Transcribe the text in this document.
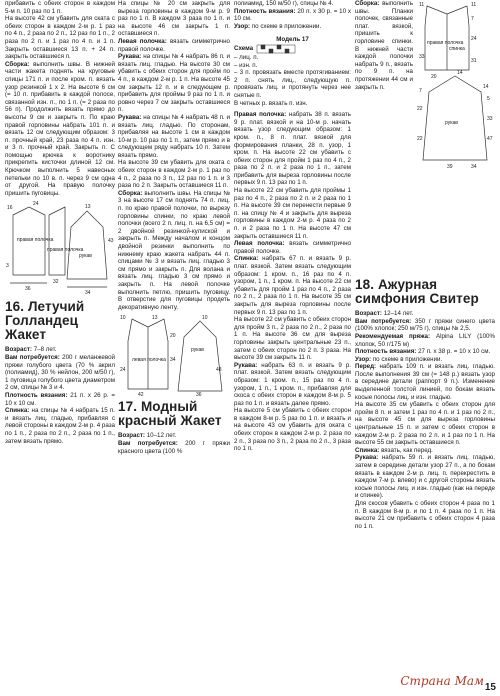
прибавить с обеих сторон в каждом 5-м п. 10 раз по 1 п.

На высоте 42 см убавить для ската с обеих сторон в каждом 2-м р. 1 раз по 4 п., 2 раза по 2 п., 12 раз по 1 п., 2 раза по 2 п. и 1 раз по 4 п. и 1 п. Закрыть оставшиеся 13 п. + 24 п. закрыть оставшиеся п.

Сборка: выполнить швы. В нижней части жакета поднять на круговые спицы 171 п. и после кром. п. вязать узор резинкой 1 х 2. На высоте 6 см (= 10 п. прибавить в каждой полосе, связанной изн. п., по 1 п. (= 2 раза по 56 п). Продолжить вязать прямо до высоты 9 см и закрыть п. По краю правой горловины набрать 101 п. и вязать 12 см следующим образом: 3 п. прочный край, 23 раза по 4 п. изн. и 3 п. прочный край. Закрыть п. С помощью крючка к воротнику прикрепить кисточки длиной 12 см. Крючком выполнить 5 навесных петельки по 10 в. п. через 9 см одна от другой. На правую полочку пришить пуговицы.

правая полочка
правая полочка
рукав
16
24
3
36
34
13
43
32
16. Летучий Голландец Жакет

Возраст: 7–8 лет.

Вам потребуется: 200 г меланжевой пряжи голубого цвета (70 % акрил (полиамид), 30 % нейлон, 200 м/50 г), 1 пуговица голубого цвета диаметром 2 см, спицы № 3 и 4.

Плотность вязания: 21 п. х 26 р. = 10 х 10 см.

Спинка: на спицы № 4 набрать 15 п. и вязать лиц. гладью, прибавляя с левой стороны в каждом 2-м р. 4 раза по 1 п., 2 раза по 2 п., 2 раза по 1 п., затем вязать прямо.

На спицы № 20 см закрыть для выреза горловины в каждом 9-м р. 9 раз по 1 п. В каждом 3 раза по 1 п. и на высоте 46 см закрыть 1 п. оставшиеся п.

Левая полочка: вязать симметрично правой полочке.

Рукава: на спицы № 4 набрать 86 п. и вязать лиц. гладью. На высоте 30 см убавить с обеих сторон для пройм по 4 п., в каждом 2-м р. 1 п. На высоте 45 см закрыть 12 п. и в следующем р. прибавить для проймы 9 раз по 1 п. и ровно через 7 см закрыть оставшиеся п.

Рукава: на спицы № 4 набрать 48 п. и вязать лиц. гладью. По сторонам, прибавляя на высоте 1 см в каждом 10-м р. 10 раз по 1 п., затем прямо и в следующем ряду набрать 10 п. Затем вязать прямо.

На высоте 39 см убавить для оката с обеих сторон в каждом 2-м р. 1 раз по 4 п., 2 раза по 3 п., 12 раз по 1 п. и 3 раза по 2 п. Закрыть оставшиеся 11 п.

Сборка: выполнить швы. На спицы № 3 на высоте 17 см поднять 74 п. лиц. п. по краю правой полочки, по вырезу горловины спинки, по краю левой полочки (всего 2 п. лиц. п. на 6,5 см) = 2 двойной резинкой-кулиской и закрыть п. Между началом и концом двойной резинки выполнить по нижнему краю жакета набрать 44 п. спицами № 3 и вязать лиц. гладью 3 см прямо и закрыть п. Для волана и вязать лиц. гладью 3 см прямо и закрыть п. На левой полочке выполнить петлю, пришить пуговицу. В отверстие для пуговицы продеть декоративную ленту.

левая полочка
рукав
10	13
20
34
24
42	36
48
10
17. Модный красный Жакет

Возраст: 10–12 лет.

Вам потребуется: 200 г пряжи красного цвета (100 %

полиамид, 150 м/50 г), спицы № 4.

Плотность вязания: 20 п. х 30 р. = 10 х 10 см.

Узор: по схеме в приложении.

Модель 17

Схема

– лиц. п.

– изн. п.

– 3 п. провязать вместе протягиванием: 2 п. снять лиц., следующую п. провязать лиц. и протянуть через нее снятые п.

В четных р. вязать п. изн.

Правая полочка: набрать 38 п. вязать 9 р. плат. вязкой и на 10-м р. начать вязать узор следующим образом: 1 кром. п., 8 п. плат. вязкой для формирования планки, 28 п. узор, 1 кром. п. На высоте 22 см убавить с обеих сторон для пройм 1 раз по 4 п., 2 раза по 2 п. и 2 раза по 1 п., затем прибавить для выреза горловины после первых 9 п. 13 раз по 1 п.

На высоте 22 см убавить для проймы 1 раз по 4 п., 2 раза по 2 п. и 2 раза по 1 п. На высоте 39 см перенести первые 9 п. на спицу № 4 и закрыть для выреза горловины в каждом 2-м р. 4 раза по 2 п. и 2 раза по 1 п. На высоте 47 см закрыть оставшиеся 11 п.

Левая полочка: вязать симметрично правой полочке.

Спинка: набрать 67 п. и вязать 9 р. плат. вязкой. Затем вязать следующим образом: 1 кром. п., 16 раз по 4 п. узором, 1 п., 1 кром. п. На высоте 22 см убавить для пройм 1 раз по 4 п., 2 раза по 2 п., 2 раза по 1 п. На высоте 35 см закрыть для выреза горловины после первых 9 п. 13 раз по 1 п.

На высоте 22 см убавить с обеих сторон для пройм 3 п., 2 раза по 2 п., 2 раза по 1 п. На высоте 36 см для выреза горловины закрыть центральные 23 п., затем с обеих сторон по 2 п. 3 раза. На высоте 39 см закрыть 11 п.

Рукава: набрать 63 п. и вязать 9 р. плат. вязкой. Затем вязать следующим образом: 1 кром. п., 15 раз по 4 п. узором, 1 п., 1 кром. п., прибавляя для скоса с обеих сторон в каждом 8-м р. 5 раз по 1 п. и вязать далее прямо.

На высоте 5 см убавить с обеих сторон в каждом 8-м р. 5 раз по 1 п. и вязать и на высоте 43 см убавить для оката с обеих сторон в каждом 2-м р. 2 раза по 2 п., 3 раза по 3 п., 2 раза по 2 п., 3 раза по 1 п.

Сборка: выполнить швы. Планки полочек, связанные плат. вязкой, пришить к горловине спинки. В нижней части каждой полочки набрать 9 п., вязать по 9 п. на протяжении 44 см и закрыть п.

правая полочка
спинка
рукав
11	11
7
24
33
31
20
7
14
14
5
22
33
22	47
39	34
18. Ажурная симфония Свитер

Возраст: 12–14 лет.

Вам потребуется: 350 г пряжи синего цвета (100% хлопок; 250 м/75 г), спицы № 2,5.

Рекомендуемая пряжа: Alpina LILY (100% хлопок, 50 г/175 м)

Плотность вязания: 27 п. х 38 р. = 10 х 10 см.

Узор: по схеме в приложении.

Перед: набрать 109 п. и вязать лиц. гладью. После выполнения 39 см (= 148 р.) вязать узор в середине детали (раппорт 9 п.). Изменение выделенной толстой линией, по бокам вязать косые полосы лиц. и изн. гладью.

На высоте 35 см убавить с обеих сторон для пройм 8 п. и затем 1 раз по 4 п. и 1 раз по 2 п., на высоте 45 см для выреза горловины центральные 15 п. и затем с обеих сторон в каждом 2-м р. 2 раза по 2 п. и 1 раз по 1 п. На высоте 55 см закрыть оставшиеся п.

Спинка: вязать, как перед.

Рукава: набрать 59 п. и вязать лиц. гладью, затем в середине детали узор 27 п., а по бокам вязать в каждом 2-м р. лиц. п. перекрестить в каждом 7-м р. влево) и с другой стороны вязать косые полосы лиц. и изн. гладью (как на переде и спинке).

Для скосов убавить с обеих сторон 4 раза по 1 п. В каждом 8-м р. и по 1 п. 4 раза по 1 п. На высоте 21 см прибавить с обеих сторон 4 раза по 1 п.

Страна Мам 15
